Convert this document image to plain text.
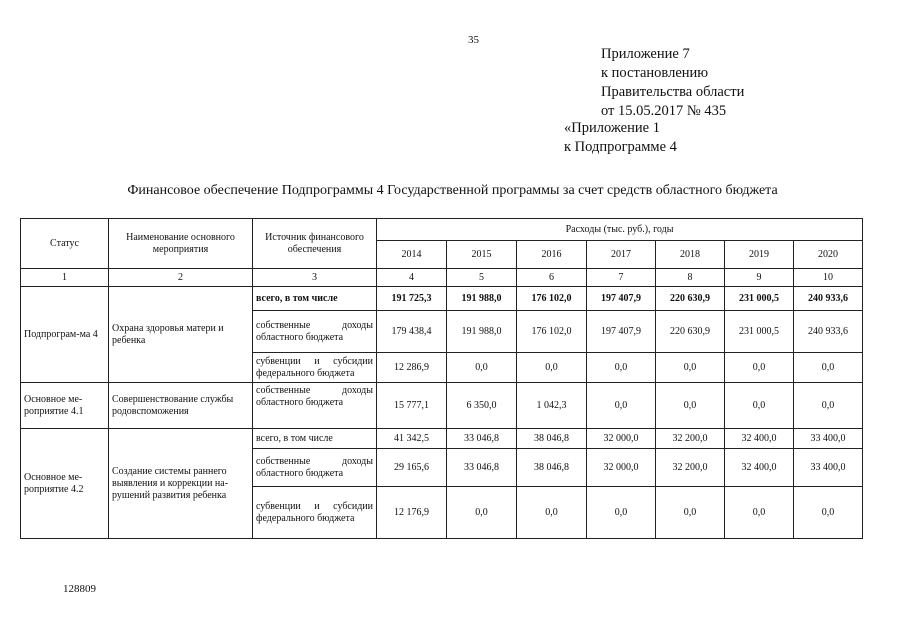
35
Приложение 7
к постановлению
Правительства области
от 15.05.2017 № 435
«Приложение 1
к Подпрограмме 4
Финансовое обеспечение Подпрограммы 4 Государственной программы за счет средств областного бюджета
Статус	Наименование основного мероприятия	Источник финансового обеспечения	Расходы (тыс. руб.), годы						
			2014	2015	2016	2017	2018	2019	2020
1	2	3	4	5	6	7	8	9	10
Подпрограм-ма 4	Охрана здоровья матери и ребенка	всего, в том числе	191 725,3	191 988,0	176 102,0	197 407,9	220 630,9	231 000,5	240 933,6
		собственные доходы областного бюджета	179 438,4	191 988,0	176 102,0	197 407,9	220 630,9	231 000,5	240 933,6
		субвенции и субсидии федерального бюджета	12 286,9	0,0	0,0	0,0	0,0	0,0	0,0
Основное ме-роприятие 4.1	Совершенствование службы родовспоможения	собственные доходы областного бюджета	15 777,1	6 350,0	1 042,3	0,0	0,0	0,0	0,0
Основное ме-роприятие 4.2	Создание системы раннего выявления и коррекции на-рушений развития ребенка	всего, в том числе	41 342,5	33 046,8	38 046,8	32 000,0	32 200,0	32 400,0	33 400,0
		собственные доходы областного бюджета	29 165,6	33 046,8	38 046,8	32 000,0	32 200,0	32 400,0	33 400,0
		субвенции и субсидии федерального бюджета	12 176,9	0,0	0,0	0,0	0,0	0,0	0,0
128809
